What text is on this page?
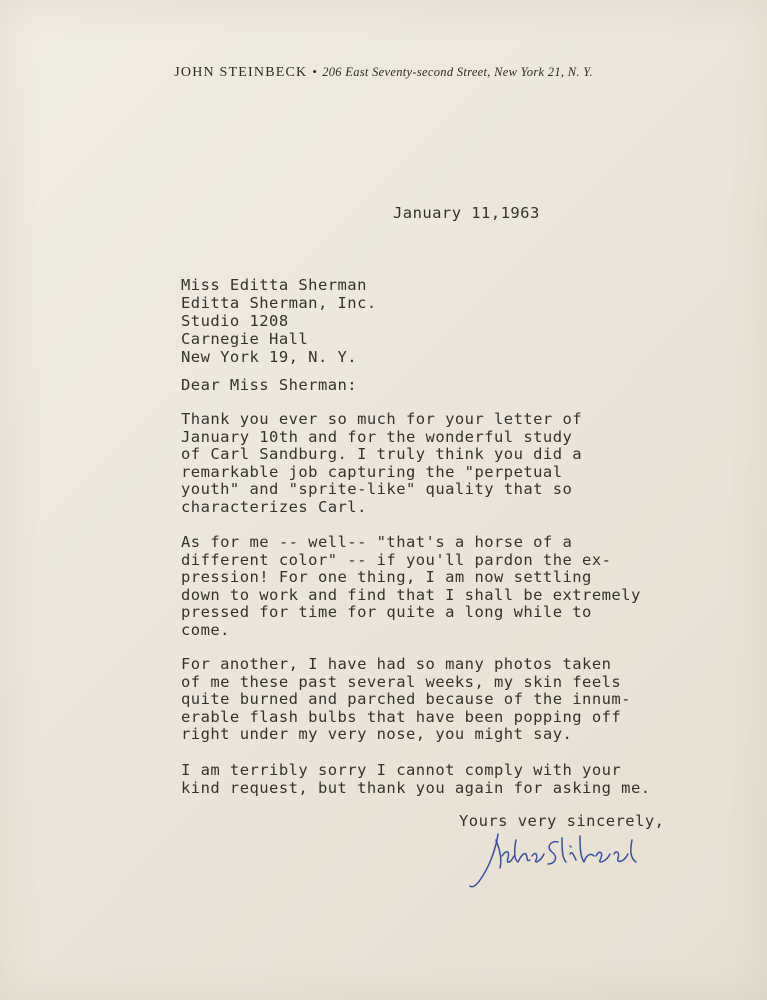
JOHN STEINBECK • 206 East Seventy-second Street, New York 21, N. Y.
January 11,1963
Miss Editta Sherman
Editta Sherman, Inc.
Studio 1208
Carnegie Hall
New York 19, N. Y.
Dear Miss Sherman:
Thank you ever so much for your letter of
January 10th and for the wonderful study
of Carl Sandburg. I truly think you did a
remarkable job capturing the "perpetual
youth" and "sprite-like" quality that so
characterizes Carl.
As for me -- well-- "that's a horse of a
different color" -- if you'll pardon the ex-
pression! For one thing, I am now settling
down to work and find that I shall be extremely
pressed for time for quite a long while to
come.
For another, I have had so many photos taken
of me these past several weeks, my skin feels
quite burned and parched because of the innum-
erable flash bulbs that have been popping off
right under my very nose, you might say.
I am terribly sorry I cannot comply with your
kind request, but thank you again for asking me.
Yours very sincerely,
